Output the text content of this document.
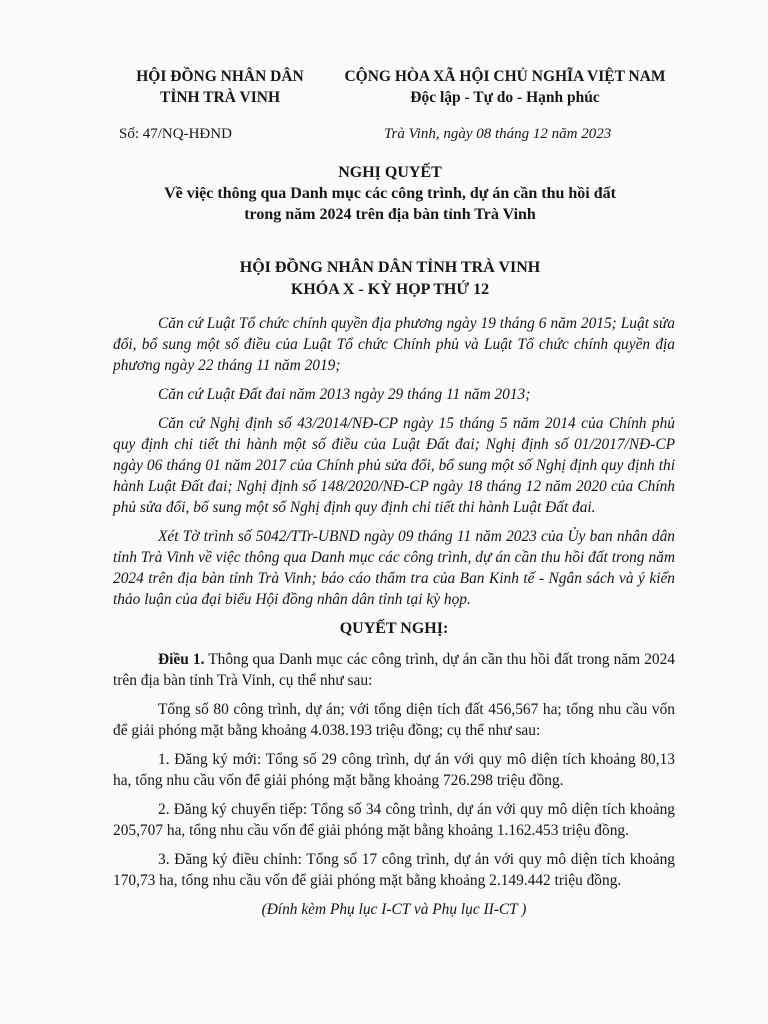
HỘI ĐỒNG NHÂN DÂN
TỈNH TRÀ VINH
CỘNG HÒA XÃ HỘI CHỦ NGHĨA VIỆT NAM
Độc lập - Tự do - Hạnh phúc
Số: 47/NQ-HĐND	Trà Vinh, ngày 08 tháng 12 năm 2023
NGHỊ QUYẾT
Về việc thông qua Danh mục các công trình, dự án cần thu hồi đất
trong năm 2024 trên địa bàn tỉnh Trà Vinh
HỘI ĐỒNG NHÂN DÂN TỈNH TRÀ VINH
KHÓA X - KỲ HỌP THỨ 12

Căn cứ Luật Tổ chức chính quyền địa phương ngày 19 tháng 6 năm 2015; Luật sửa đổi, bổ sung một số điều của Luật Tổ chức Chính phủ và Luật Tổ chức chính quyền địa phương ngày 22 tháng 11 năm 2019;

Căn cứ Luật Đất đai năm 2013 ngày 29 tháng 11 năm 2013;

Căn cứ Nghị định số 43/2014/NĐ-CP ngày 15 tháng 5 năm 2014 của Chính phủ quy định chi tiết thi hành một số điều của Luật Đất đai; Nghị định số 01/2017/NĐ-CP ngày 06 tháng 01 năm 2017 của Chính phủ sửa đổi, bổ sung một số Nghị định quy định thi hành Luật Đất đai; Nghị định số 148/2020/NĐ-CP ngày 18 tháng 12 năm 2020 của Chính phủ sửa đổi, bổ sung một số Nghị định quy định chi tiết thi hành Luật Đất đai.

Xét Tờ trình số 5042/TTr-UBND ngày 09 tháng 11 năm 2023 của Ủy ban nhân dân tỉnh Trà Vinh về việc thông qua Danh mục các công trình, dự án cần thu hồi đất trong năm 2024 trên địa bàn tỉnh Trà Vinh; báo cáo thẩm tra của Ban Kinh tế - Ngân sách và ý kiến thảo luận của đại biểu Hội đồng nhân dân tỉnh tại kỳ họp.

QUYẾT NGHỊ:

Điều 1. Thông qua Danh mục các công trình, dự án cần thu hồi đất trong năm 2024 trên địa bàn tỉnh Trà Vinh, cụ thể như sau:

Tổng số 80 công trình, dự án; với tổng diện tích đất 456,567 ha; tổng nhu cầu vốn để giải phóng mặt bằng khoảng 4.038.193 triệu đồng; cụ thể như sau:

1. Đăng ký mới: Tổng số 29 công trình, dự án với quy mô diện tích khoảng 80,13 ha, tổng nhu cầu vốn để giải phóng mặt bằng khoảng 726.298 triệu đồng.

2. Đăng ký chuyển tiếp: Tổng số 34 công trình, dự án với quy mô diện tích khoảng 205,707 ha, tổng nhu cầu vốn để giải phóng mặt bằng khoảng 1.162.453 triệu đồng.

3. Đăng ký điều chỉnh: Tổng số 17 công trình, dự án với quy mô diện tích khoảng 170,73 ha, tổng nhu cầu vốn để giải phóng mặt bằng khoảng 2.149.442 triệu đồng.

(Đính kèm Phụ lục I-CT và Phụ lục II-CT )
